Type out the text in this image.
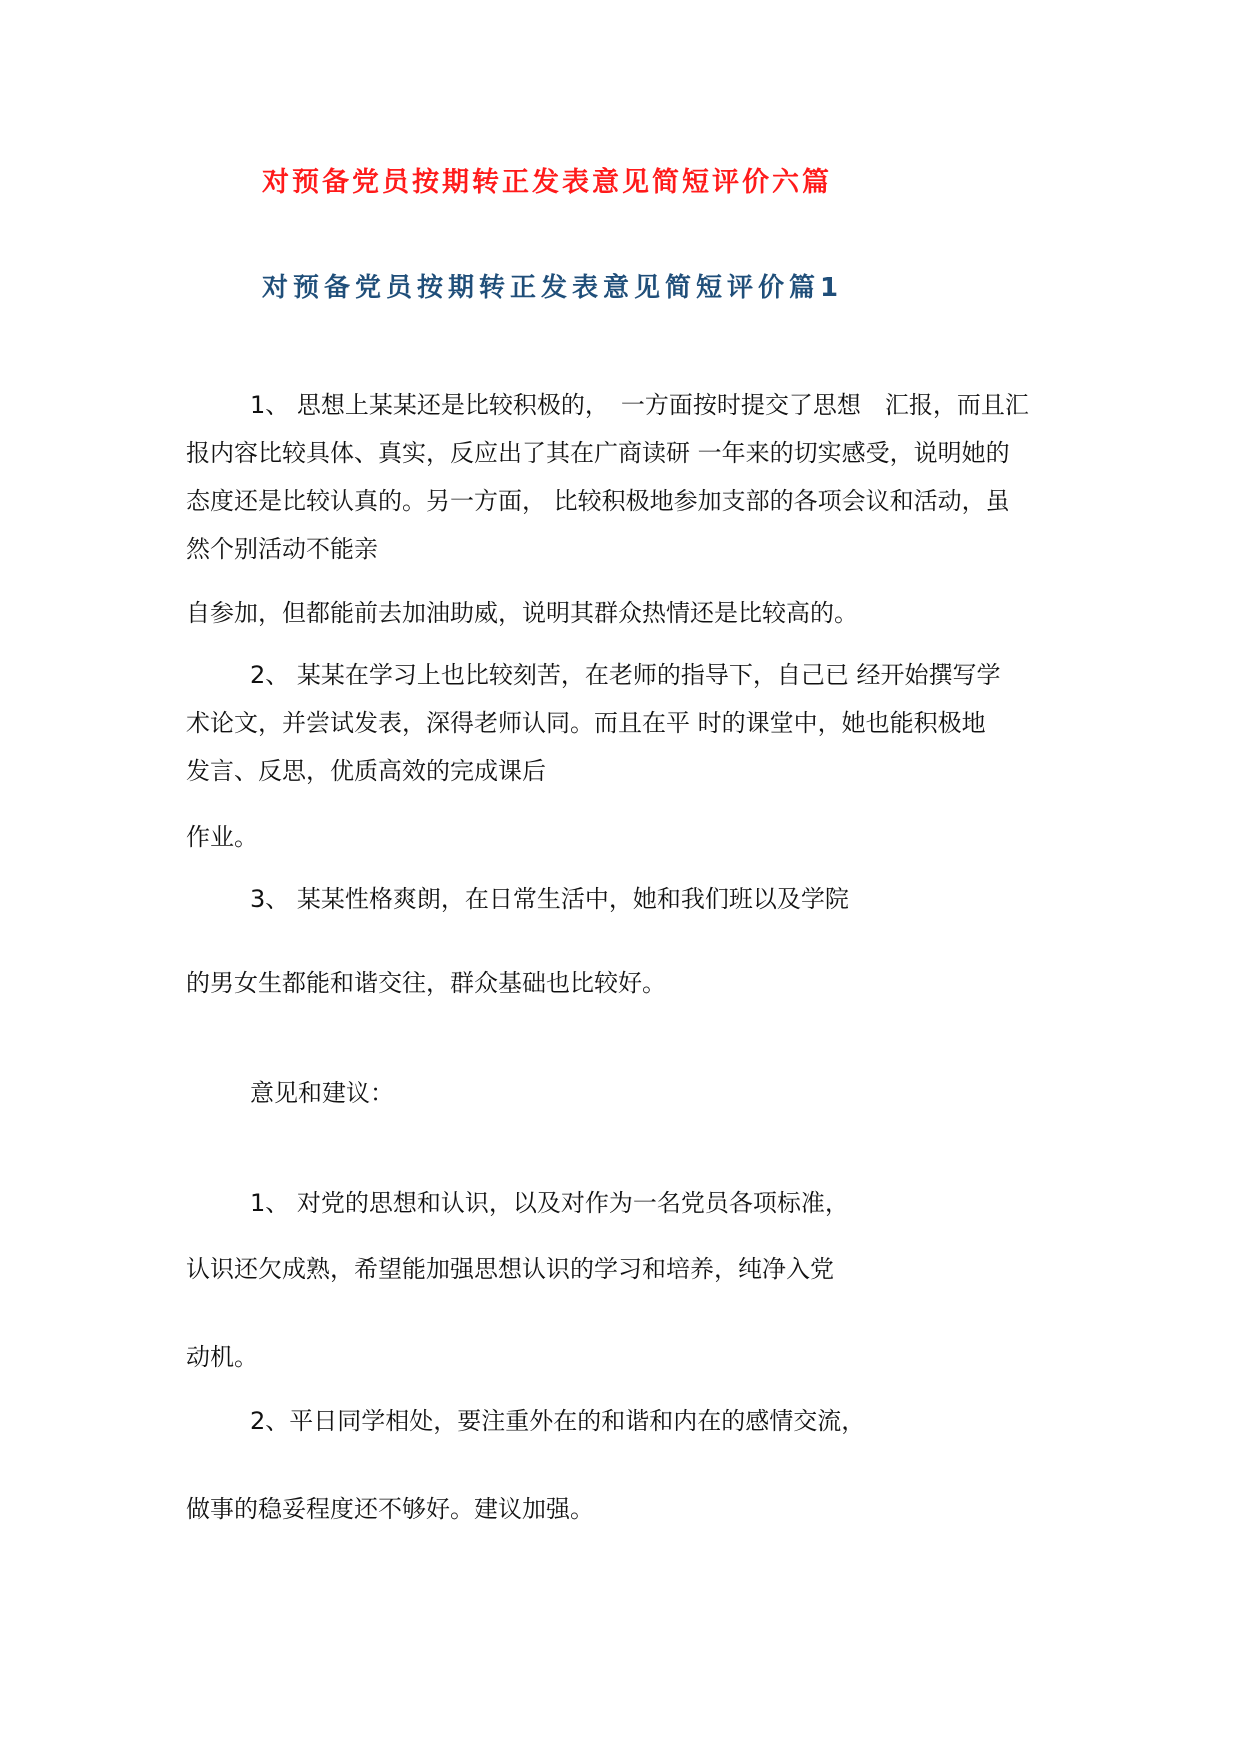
对预备党员按期转正发表意见简短评价六篇
对预备党员按期转正发表意见简短评价篇1
1、 思想上某某还是比较积极的，　一方面按时提交了思想　汇报，而且汇
报内容比较具体、真实，反应出了其在广商读研 一年来的切实感受，说明她的
态度还是比较认真的。另一方面， 比较积极地参加支部的各项会议和活动，虽
然个别活动不能亲
自参加，但都能前去加油助威，说明其群众热情还是比较高的。
2、 某某在学习上也比较刻苦，在老师的指导下，自己已 经开始撰写学
术论文，并尝试发表，深得老师认同。而且在平 时的课堂中，她也能积极地
发言、反思，优质高效的完成课后
作业。
3、 某某性格爽朗，在日常生活中，她和我们班以及学院
的男女生都能和谐交往，群众基础也比较好。
意见和建议：
1、 对党的思想和认识，以及对作为一名党员各项标准，
认识还欠成熟，希望能加强思想认识的学习和培养，纯净入党
动机。
2、平日同学相处，要注重外在的和谐和内在的感情交流，
做事的稳妥程度还不够好。建议加强。
